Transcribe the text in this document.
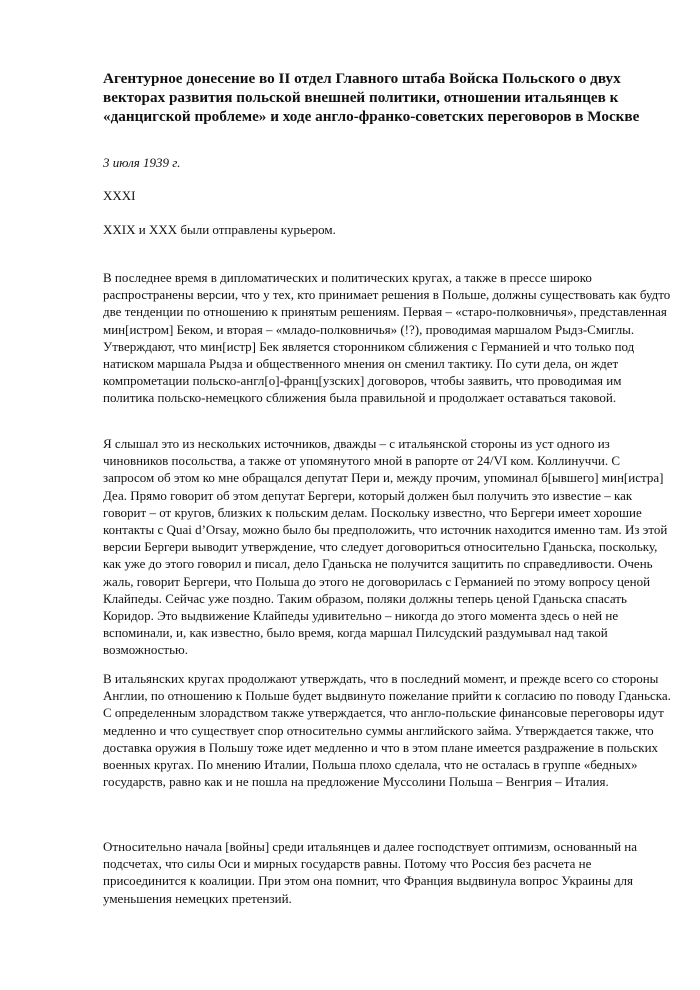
Агентурное донесение во II отдел Главного штаба Войска Польского о двух векторах развития польской внешней политики, отношении итальянцев к «данцигской проблеме» и ходе англо-франко-советских переговоров в Москве

3 июля 1939 г.

XXXI

XXIX и XXX были отправлены курьером.

В последнее время в дипломатических и политических кругах, а также в прессе широко распространены версии, что у тех, кто принимает решения в Польше, должны существовать как будто две тенденции по отношению к принятым решениям. Первая – «старо-полковничья», представленная мин[истром] Беком, и вторая – «младо-полковничья» (!?), проводимая маршалом Рыдз-Смиглы. Утверждают, что мин[истр] Бек является сторонником сближения с Германией и что только под натиском маршала Рыдза и общественного мнения он сменил тактику. По сути дела, он ждет компрометации польско-англ[о]-франц[узских] договоров, чтобы заявить, что проводимая им политика польско-немецкого сближения была правильной и продолжает оставаться таковой.

Я слышал это из нескольких источников, дважды – с итальянской стороны из уст одного из чиновников посольства, а также от упомянутого мной в рапорте от 24/VI ком. Коллинуччи. С запросом об этом ко мне обращался депутат Пери и, между прочим, упоминал б[ывшего] мин[истра] Деа. Прямо говорит об этом депутат Бергери, который должен был получить это известие – как говорит – от кругов, близких к польским делам. Поскольку известно, что Бергери имеет хорошие контакты с Quai d’Orsay, можно было бы предположить, что источник находится именно там. Из этой версии Бергери выводит утверждение, что следует договориться относительно Гданьска, поскольку, как уже до этого говорил и писал, дело Гданьска не получится защитить по справедливости. Очень жаль, говорит Бергери, что Польша до этого не договорилась с Германией по этому вопросу ценой Клайпеды. Сейчас уже поздно. Таким образом, поляки должны теперь ценой Гданьска спасать Коридор. Это выдвижение Клайпеды удивительно – никогда до этого момента здесь о ней не вспоминали, и, как известно, было время, когда маршал Пилсудский раздумывал над такой возможностью.

В итальянских кругах продолжают утверждать, что в последний момент, и прежде всего со стороны Англии, по отношению к Польше будет выдвинуто пожелание прийти к согласию по поводу Гданьска. С определенным злорадством также утверждается, что англо-польские финансовые переговоры идут медленно и что существует спор относительно суммы английского займа. Утверждается также, что доставка оружия в Польшу тоже идет медленно и что в этом плане имеется раздражение в польских военных кругах. По мнению Италии, Польша плохо сделала, что не осталась в группе «бедных» государств, равно как и не пошла на предложение Муссолини Польша – Венгрия – Италия.

Относительно начала [войны] среди итальянцев и далее господствует оптимизм, основанный на подсчетах, что силы Оси и мирных государств равны. Потому что Россия без расчета не присоединится к коалиции. При этом она помнит, что Франция выдвинула вопрос Украины для уменьшения немецких претензий.
